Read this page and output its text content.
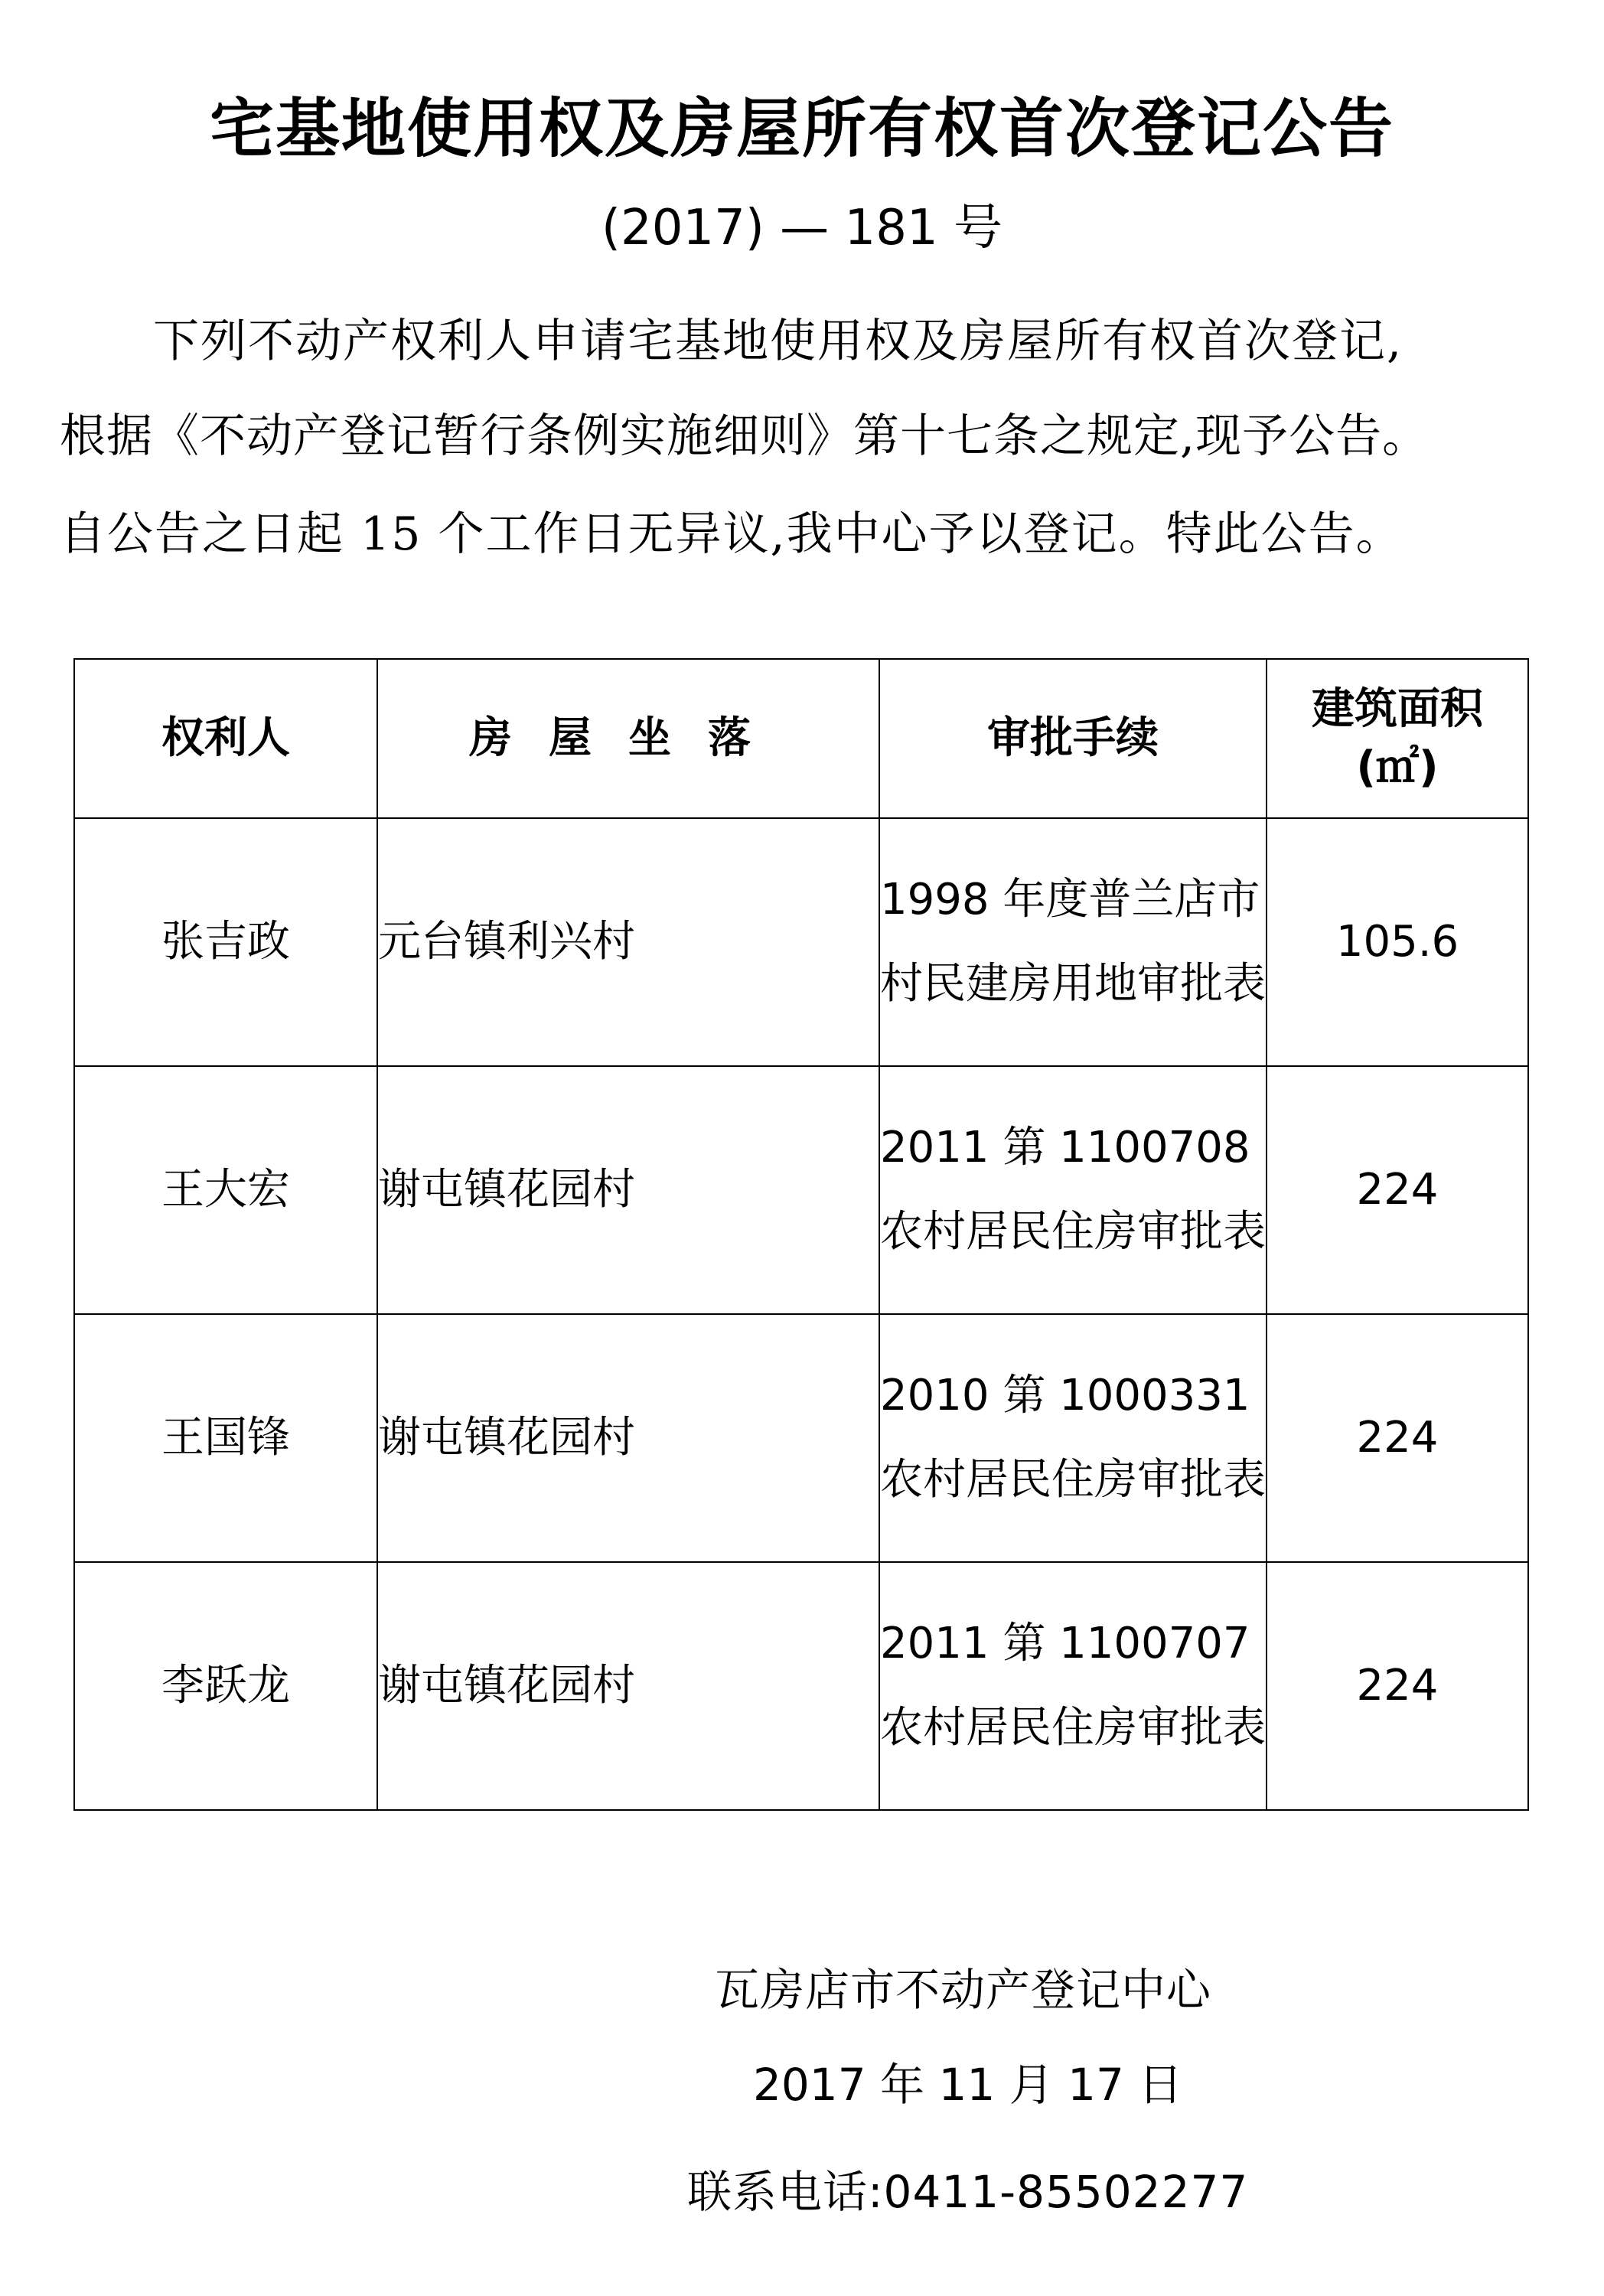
宅基地使用权及房屋所有权首次登记公告
(2017) — 181 号
下列不动产权利人申请宅基地使用权及房屋所有权首次登记,
根据《不动产登记暂行条例实施细则》第十七条之规定,现予公告。
自公告之日起 15 个工作日无异议,我中心予以登记。特此公告。
权利人	房屋坐落	审批手续	建筑面积(㎡)

张吉政	元台镇利兴村	1998 年度普兰店市村民建房用地审批表	105.6
王大宏	谢屯镇花园村	2011 第 1100708 农村居民住房审批表	224
王国锋	谢屯镇花园村	2010 第 1000331 农村居民住房审批表	224
李跃龙	谢屯镇花园村	2011 第 1100707 农村居民住房审批表	224
瓦房店市不动产登记中心
2017 年 11 月 17 日
联系电话:0411-85502277
